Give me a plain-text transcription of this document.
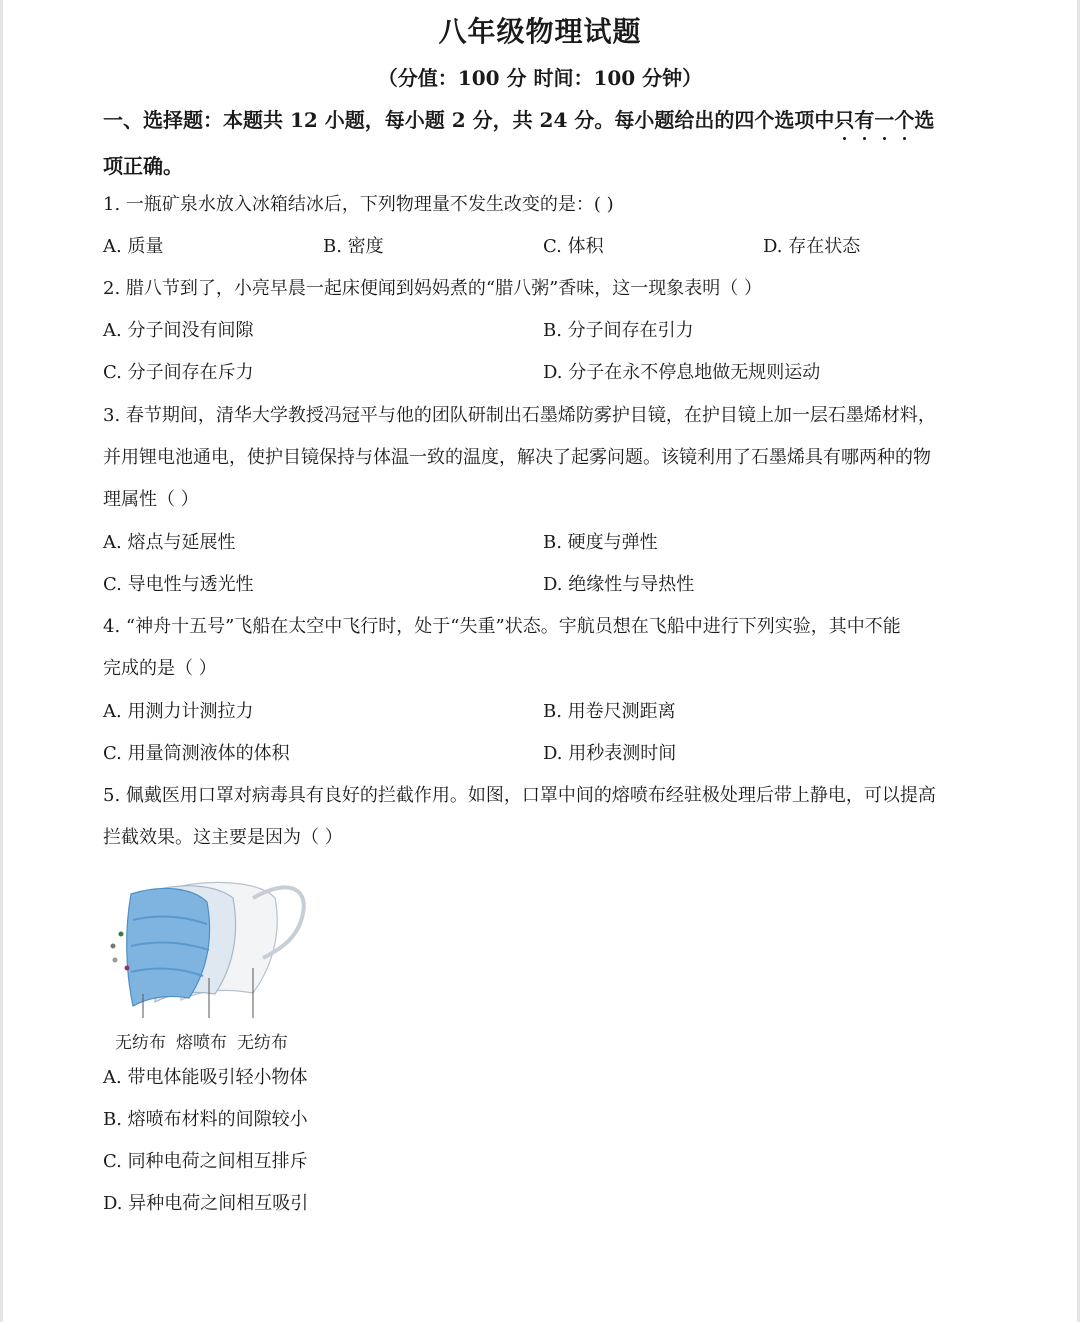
八年级物理试题
（分值：100 分 时间：100 分钟）
一、选择题：本题共 12 小题，每小题 2 分，共 24 分。每小题给出的四个选项中只有一个选
项正确。
1. 一瓶矿泉水放入冰箱结冰后，下列物理量不发生改变的是：( )
A. 质量	B. 密度	C. 体积	D. 存在状态
2. 腊八节到了，小亮早晨一起床便闻到妈妈煮的“腊八粥”香味，这一现象表明（ ）
A. 分子间没有间隙	B. 分子间存在引力
C. 分子间存在斥力	D. 分子在永不停息地做无规则运动
3. 春节期间，清华大学教授冯冠平与他的团队研制出石墨烯防雾护目镜，在护目镜上加一层石墨烯材料，
并用锂电池通电，使护目镜保持与体温一致的温度，解决了起雾问题。该镜利用了石墨烯具有哪两种的物
理属性（ ）
A. 熔点与延展性	B. 硬度与弹性
C. 导电性与透光性	D. 绝缘性与导热性
4. “神舟十五号”飞船在太空中飞行时，处于“失重”状态。宇航员想在飞船中进行下列实验，其中不能
完成的是（ ）
A. 用测力计测拉力	B. 用卷尺测距离
C. 用量筒测液体的体积	D. 用秒表测时间
5. 佩戴医用口罩对病毒具有良好的拦截作用。如图，口罩中间的熔喷布经驻极处理后带上静电，可以提高
拦截效果。这主要是因为（ ）
无纺布 熔喷布 无纺布
A. 带电体能吸引轻小物体
B. 熔喷布材料的间隙较小
C. 同种电荷之间相互排斥
D. 异种电荷之间相互吸引
